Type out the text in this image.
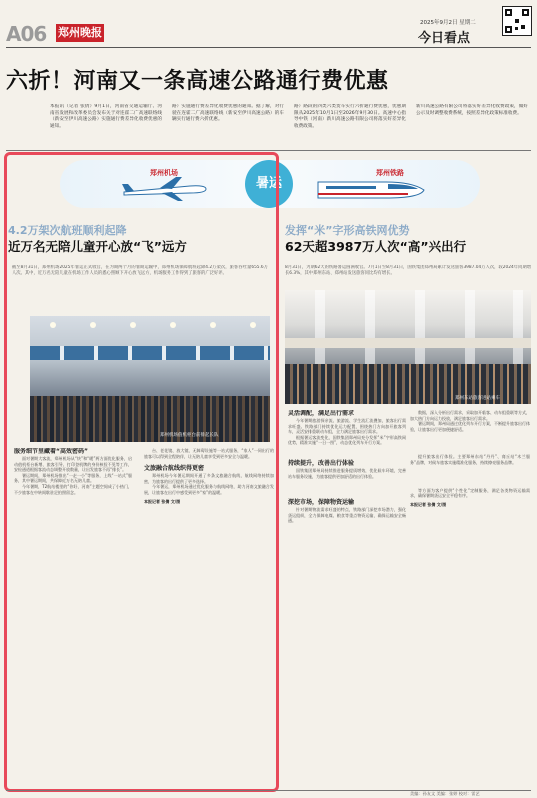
A06 郑州晚报
2025年9月2日 星期二
今日看点
六折！河南又一条高速公路通行费优惠
本报讯（记者 张倩）9月1日，河南省交通运输厅、河南省发展和改革委员会发布关于对连霍二广高速联络线（新安至伊川高速公路）实施通行费差异化收费优惠的通知。
路）实施通行费差异化收费优惠的通知。据了解，对行驶在连霍二广高速联络线（新安至伊川高速公路）的车辆实行通行费六折优惠。
路）路段的四类六类货车实行六折通行费优惠，优惠期限从2025年10月1日至2026年9月30日。高速中心指导中铁（河南）新川高速公路有限公司将落实好差异化收费政策。
新川高速公路有限公司将落实好差异化收费政策，做好公示及时调整收费系统，按照差异化政策标准收费。
郑州机场
暑运
郑州铁路
4.2万架次航班顺利起降
近万名无陪儿童开心放“飞”远方
截至8月31日，郑州机场2025年暑运正式收官，在为期两个月的暑期运输中，郑州机场保障航班起降4.2万架次，旅客吞吐量655.6万人次。其中，近万名无陪儿童在机场工作人员的悉心照顾下开心放飞远方，机场服务工作得到了旅客的广泛好评。
郑州机场值机柜台前排起长队
服务细节里藏着“高效密码”

面对暑期大客流，郑州机场从“快”和“暖”两方面优化服务，启动值机柜台新增、旅客引导、打印登机牌的身份核验不见等工作，安检通道根据客流动态调整开放数量，让出发旅客不再“排长”。

暑运期间，郑州机场推出“一走一小”等服务，上线“一站式”服务，其中暑运期间，共保障近万名无陪儿童。

今年暑期，T2航站楼里的“你好，河南”主题空间成了小热门，不少旅客在中转间歇驻足拍照留念。

台、老花镜、放大镜、无障碍设施等一站式服务，“家人”一同出行的旅客可以得到全程陪伴，让无陪儿童享受到更多安全与温暖。

文旅融合航线织得更密

郑州机场今年暑运期间开通了多条文旅融合航线，航线网络持续加密，为旅客的出行提供了更多选择。

今年暑运，郑州机场通过优化服务与航线网络，助力河南文旅融合发展，让旅客在出行中感受到更多“家”的温暖。

本报记者 张倩 文/图
发挥“米”字形高铁网优势
62天超3987万人次“高”兴出行
8月31日，为期62天的铁路暑运圆满收官。7月1日至8月31日，国铁集团郑州局累计发送旅客3987.04万人次，较2024年同期增长6.3%，其中郑州东站、郑州站发送旅客同比均有增长。
郑州东站旅客进站乘车
灵活调配，满足出行需求

今年暑期旅游探亲流、旅游流、学生流汇流叠加，旅客出行需求旺盛。铁路部门持续优化运力配置，围绕热门方向加开旅客列车，灵活安排重联动车组，全力满足旅客出行需求。

根据暑运客流变化，国铁集团郑州局充分发挥“米”字形高铁网优势，精准实施“一日一图”，动态优化列车开行方案。

持续提升，改善出行体验

国铁集团郑州局持续推进服务提质增效，优化候车环境，完善站车服务设施，为旅客提供更加舒适的出行体验。

深挖市场，保障物资运输

针对暑期物流需求旺盛的特点，铁路部门深挖市场潜力，强化货运组织，全力保障电煤、粮食等重点物资运输，确保运输安全畅通。

数据，深入分析出行需求，采取加开临客、动车组重联等方式，加大热门方向运力投放，满足旅客出行需求。

暑运期间，郑州局通过优化列车开行方案，不断提升旅客出行体验，让旅客出行更加便捷舒适。

提升旅客出行体验。主要郑州东站“丹丹”、商丘站“木兰服务”品牌，对候车旅客实施精准化服务，持续擦亮服务品牌。

等方面为客户提供“个性化”定制服务，满足各类物资运输需求，确保暑期货运安全平稳有序。

本报记者 张倩 文/图
美编：孙友文 美编：张婷 校对：雷艺
